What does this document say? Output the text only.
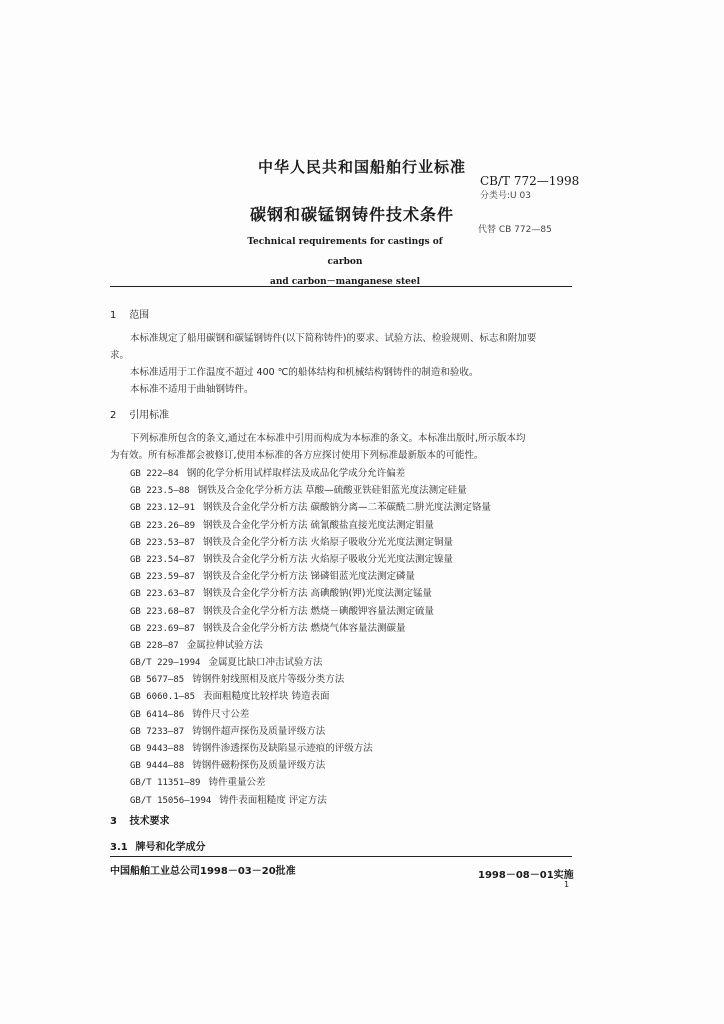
中华人民共和国船舶行业标准
CB/T 772—1998
分类号:U 03
碳钢和碳锰钢铸件技术条件
代替 CB 772—85
Technical requirements for castings of carbon
and carbon－manganese steel
1 范围
本标准规定了船用碳钢和碳锰钢铸件(以下简称铸件)的要求、试验方法、检验规则、标志和附加要
求。
本标准适用于工作温度不超过 400 ℃的船体结构和机械结构钢铸件的制造和验收。
本标准不适用于曲轴钢铸件。
2 引用标准
下列标准所包含的条文,通过在本标准中引用而构成为本标准的条文。本标准出版时,所示版本均
为有效。所有标准都会被修订,使用本标准的各方应探讨使用下列标准最新版本的可能性。
GB 222—84 钢的化学分析用试样取样法及成品化学成分允许偏差
GB 223.5—88 钢铁及合金化学分析方法 草酸—硫酸亚铁硅钼蓝光度法测定硅量
GB 223.12—91 钢铁及合金化学分析方法 碳酸钠分离—二苯碳酰二肼光度法测定铬量
GB 223.26—89 钢铁及合金化学分析方法 硫氰酸盐直接光度法测定钼量
GB 223.53—87 钢铁及合金化学分析方法 火焰原子吸收分光光度法测定铜量
GB 223.54—87 钢铁及合金化学分析方法 火焰原子吸收分光光度法测定镍量
GB 223.59—87 钢铁及合金化学分析方法 锑磷钼蓝光度法测定磷量
GB 223.63—87 钢铁及合金化学分析方法 高碘酸钠(钾)光度法测定锰量
GB 223.68—87 钢铁及合金化学分析方法 燃烧－碘酸钾容量法测定硫量
GB 223.69—87 钢铁及合金化学分析方法 燃烧气体容量法测碳量
GB 228—87 金属拉伸试验方法
GB/T 229—1994 金属夏比缺口冲击试验方法
GB 5677—85 铸钢件射线照相及底片等级分类方法
GB 6060.1—85 表面粗糙度比较样块 铸造表面
GB 6414—86 铸件尺寸公差
GB 7233—87 铸钢件超声探伤及质量评级方法
GB 9443—88 铸钢件渗透探伤及缺陷显示迹痕的评级方法
GB 9444—88 铸钢件磁粉探伤及质量评级方法
GB/T 11351—89 铸件重量公差
GB/T 15056—1994 铸件表面粗糙度 评定方法
3 技术要求
3.1 牌号和化学成分
中国船舶工业总公司1998－03－20批准	1998－08－01实施
1
